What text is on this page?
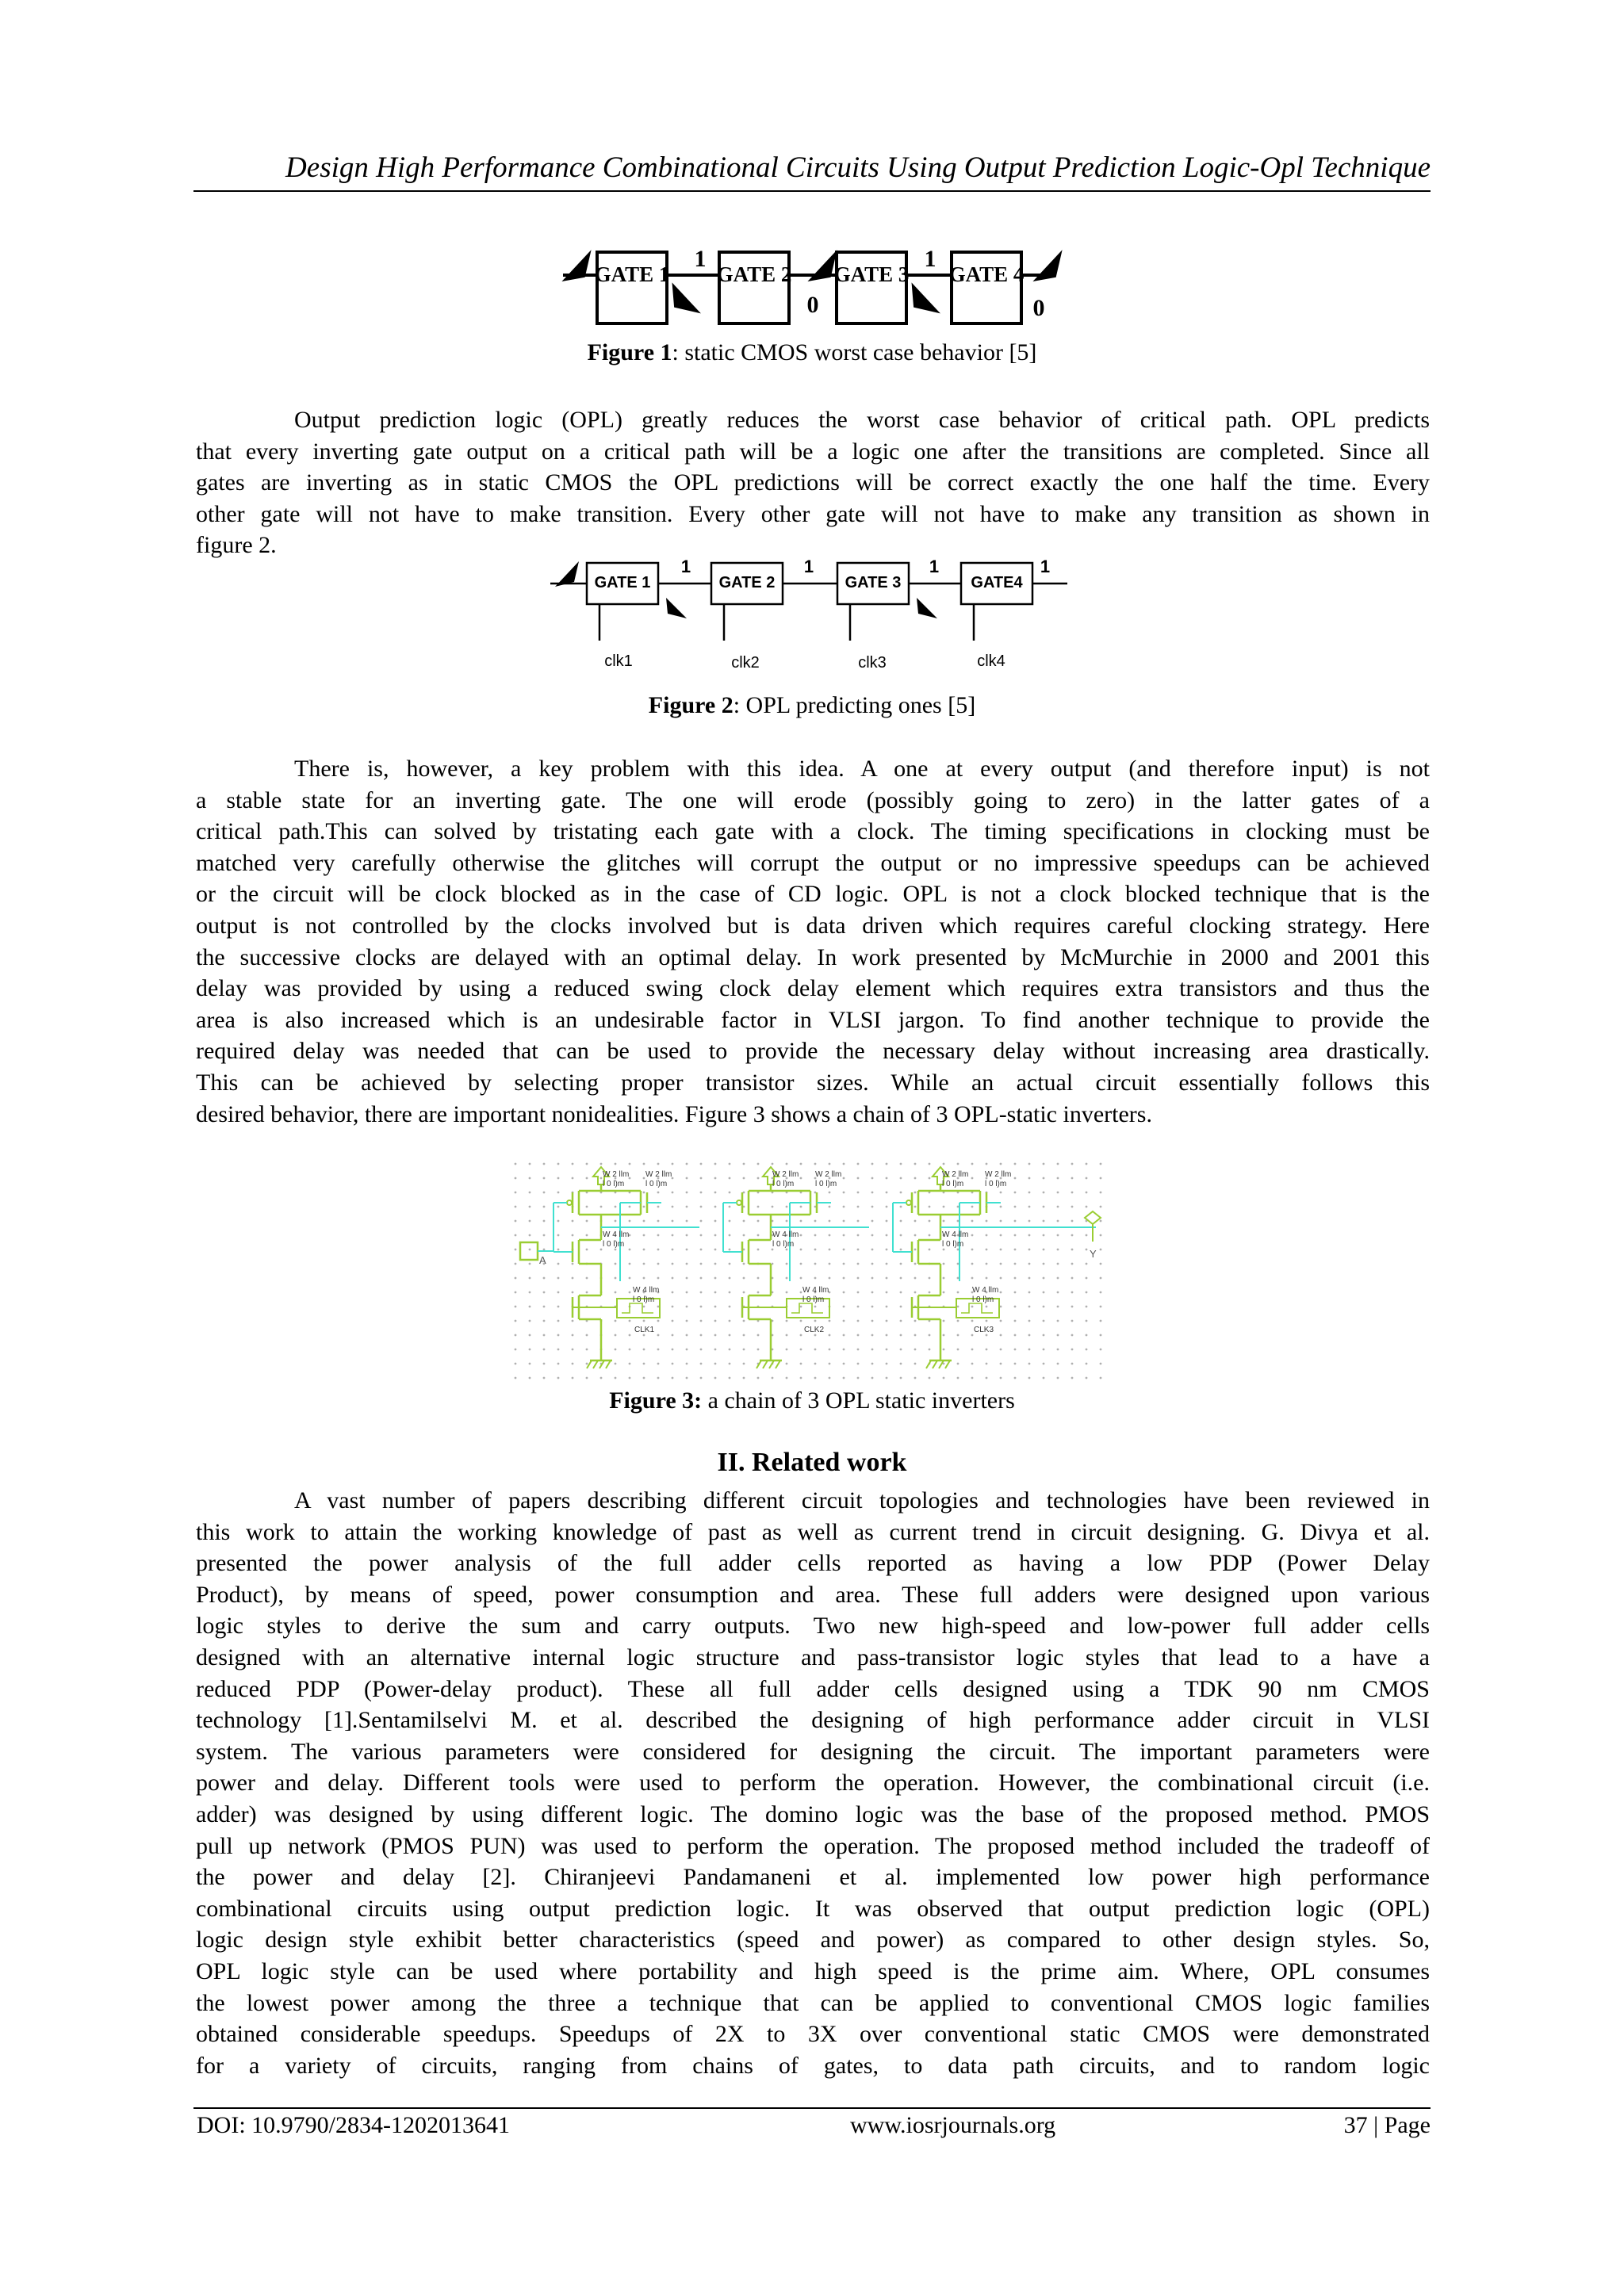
Design High Performance Combinational Circuits Using Output Prediction Logic-Opl Technique
GATE 1 GATE 2 GATE 3 GATE 4
1
0
1
0
Figure 1: static CMOS worst case behavior [5]
Output prediction logic (OPL) greatly reduces the worst case behavior of critical path. OPL predicts
that every inverting gate output on a critical path will be a logic one after the transitions are completed. Since all
gates are inverting as in static CMOS the OPL predictions will be correct exactly the one half the time. Every
other gate will not have to make transition. Every other gate will not have to make any transition as shown in
figure 2.
GATE 1	GATE 2	GATE 3	GATE4
1	1	1	1
clk1	clk2	clk3	clk4
Figure 2: OPL predicting ones [5]
There is, however, a key problem with this idea. A one at every output (and therefore input) is not
a stable state for an inverting gate. The one will erode (possibly going to zero) in the latter gates of a
critical path.This can solved by tristating each gate with a clock. The timing specifications in clocking must be
matched very carefully otherwise the glitches will corrupt the output or no impressive speedups can be achieved
or the circuit will be clock blocked as in the case of CD logic. OPL is not a clock blocked technique that is the
output is not controlled by the clocks involved but is data driven which requires careful clocking strategy. Here
the successive clocks are delayed with an optimal delay. In work presented by McMurchie in 2000 and 2001 this
delay was provided by using a reduced swing clock delay element which requires extra transistors and thus the
area is also increased which is an undesirable factor in VLSI jargon. To find another technique to provide the
required delay was needed that can be used to provide the necessary delay without increasing area drastically.
This can be achieved by selecting proper transistor sizes. While an actual circuit essentially follows this
desired behavior, there are important nonidealities. Figure 3 shows a chain of 3 OPL-static inverters.
A
Y
W 2 llm
l 0 l)m
W 2 llm
l 0 l)m
W 4 llm
l 0 l)m
W 4 llm
l 0 l)m
CLK1
W 2 llm
l 0 l)m
W 2 llm
l 0 l)m
W 4 llm
l 0 l)m
W 4 llm
l 0 l)m
CLK2
W 2 llm
l 0 l)m
W 2 llm
l 0 l)m
W 4 llm
l 0 l)m
W 4 llm
l 0 l)m
CLK3
Figure 3: a chain of 3 OPL static inverters
II. Related work
A vast number of papers describing different circuit topologies and technologies have been reviewed in
this work to attain the working knowledge of past as well as current trend in circuit designing. G. Divya et al.
presented the power analysis of the full adder cells reported as having a low PDP (Power Delay
Product), by means of speed, power consumption and area. These full adders were designed upon various
logic styles to derive the sum and carry outputs. Two new high-speed and low-power full adder cells
designed with an alternative internal logic structure and pass-transistor logic styles that lead to a have a
reduced PDP (Power-delay product). These all full adder cells designed using a TDK 90 nm CMOS
technology [1].Sentamilselvi M. et al. described the designing of high performance adder circuit in VLSI
system. The various parameters were considered for designing the circuit. The important parameters were
power and delay. Different tools were used to perform the operation. However, the combinational circuit (i.e.
adder) was designed by using different logic. The domino logic was the base of the proposed method. PMOS
pull up network (PMOS PUN) was used to perform the operation. The proposed method included the tradeoff of
the power and delay [2]. Chiranjeevi Pandamaneni et al. implemented low power high performance
combinational circuits using output prediction logic. It was observed that output prediction logic (OPL)
logic design style exhibit better characteristics (speed and power) as compared to other design styles. So,
OPL logic style can be used where portability and high speed is the prime aim. Where, OPL consumes
the lowest power among the three a technique that can be applied to conventional CMOS logic families
obtained considerable speedups. Speedups of 2X to 3X over conventional static CMOS were demonstrated
for a variety of circuits, ranging from chains of gates, to data path circuits, and to random logic
DOI: 10.9790/2834-1202013641	www.iosrjournals.org	37 | Page
